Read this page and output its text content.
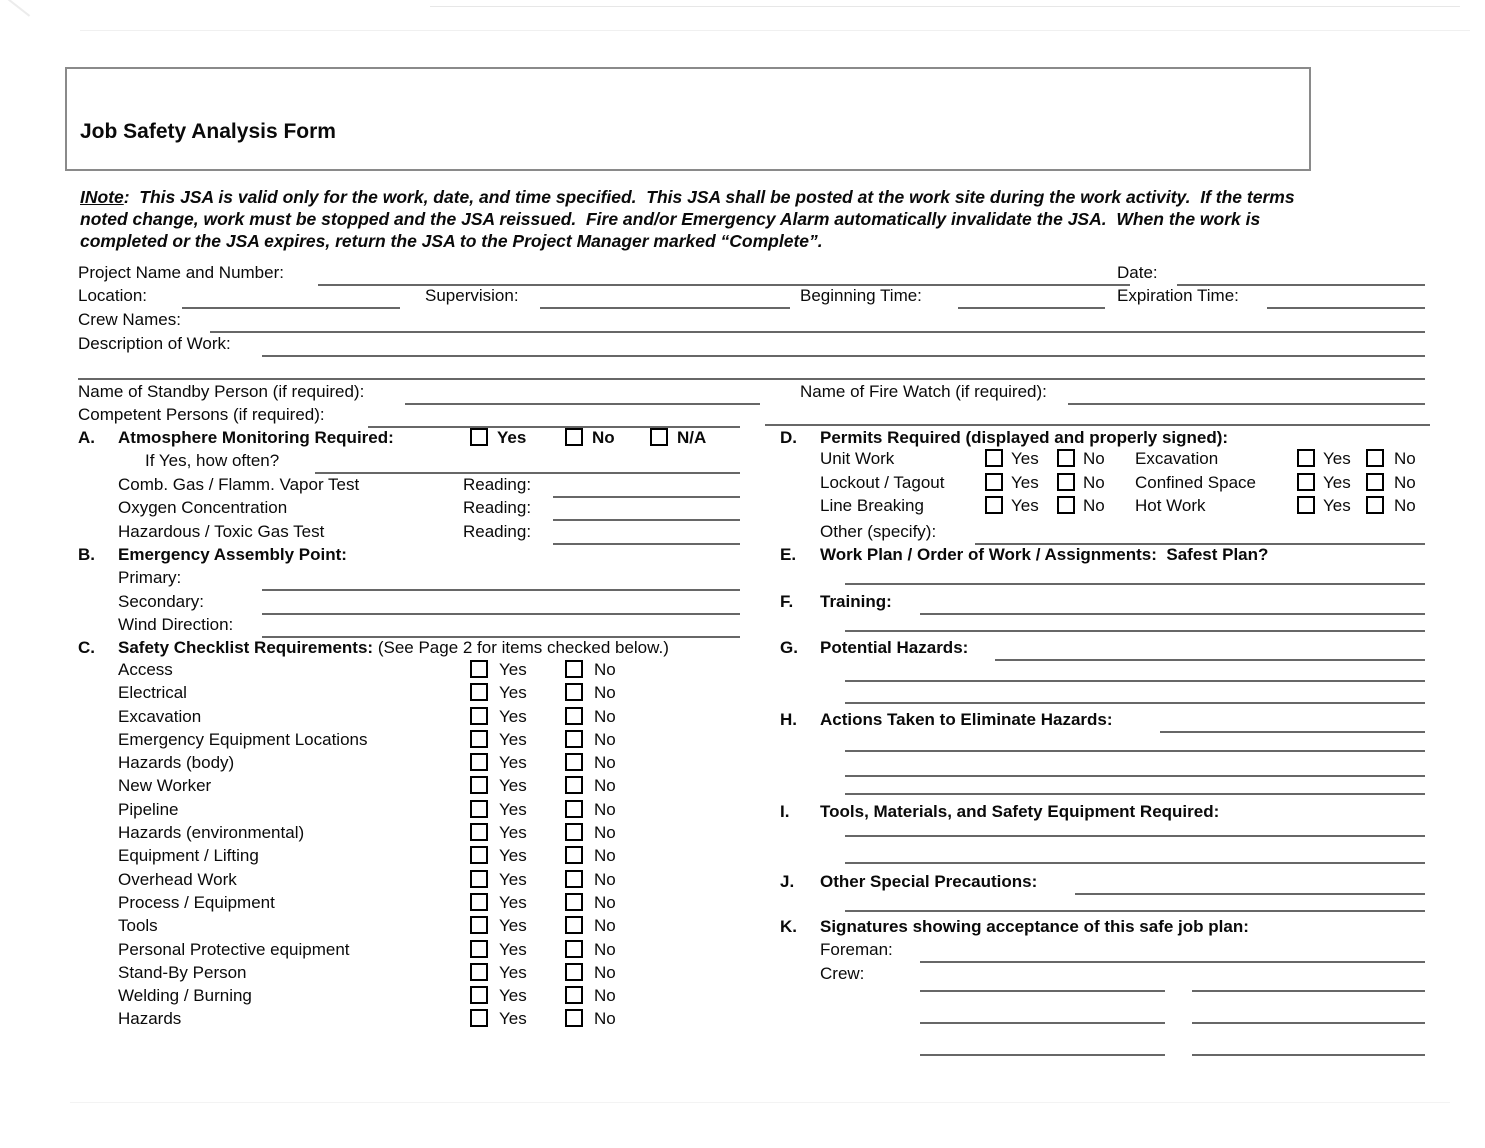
Job Safety Analysis Form
INote:  This JSA is valid only for the work, date, and time specified.  This JSA shall be posted at the work site during the work activity.  If the terms
noted change, work must be stopped and the JSA reissued.  Fire and/or Emergency Alarm automatically invalidate the JSA.  When the work is
completed or the JSA expires, return the JSA to the Project Manager marked “Complete”.
Project Name and Number:	Date:
Location:	Supervision:	Beginning Time:	Expiration Time:
Crew Names:
Description of Work:
Name of Standby Person (if required):	Name of Fire Watch (if required):
Competent Persons (if required):
A. Atmosphere Monitoring Required:	Yes	No	N/A
If Yes, how often?
Comb. Gas / Flamm. Vapor Test	Reading:
Oxygen Concentration	Reading:
Hazardous / Toxic Gas Test	Reading:
B. Emergency Assembly Point:
Primary:
Secondary:
Wind Direction:
C. Safety Checklist Requirements: (See Page 2 for items checked below.)
Access	Yes	No
Electrical	Yes	No
Excavation	Yes	No
Emergency Equipment Locations	Yes	No
Hazards (body)	Yes	No
New Worker	Yes	No
Pipeline	Yes	No
Hazards (environmental)	Yes	No
Equipment / Lifting	Yes	No
Overhead Work	Yes	No
Process / Equipment	Yes	No
Tools	Yes	No
Personal Protective equipment	Yes	No
Stand-By Person	Yes	No
Welding / Burning	Yes	No
Hazards	Yes	No
D. Permits Required (displayed and properly signed):
Unit Work	Yes	No Excavation	Yes	No
Lockout / Tagout	Yes	No Confined Space	Yes	No
Line Breaking	Yes	No Hot Work	Yes	No
Other (specify):
E. Work Plan / Order of Work / Assignments:  Safest Plan?
F. Training:
G. Potential Hazards:
H. Actions Taken to Eliminate Hazards:
I. Tools, Materials, and Safety Equipment Required:
J. Other Special Precautions:
K. Signatures showing acceptance of this safe job plan:
Foreman:
Crew:
